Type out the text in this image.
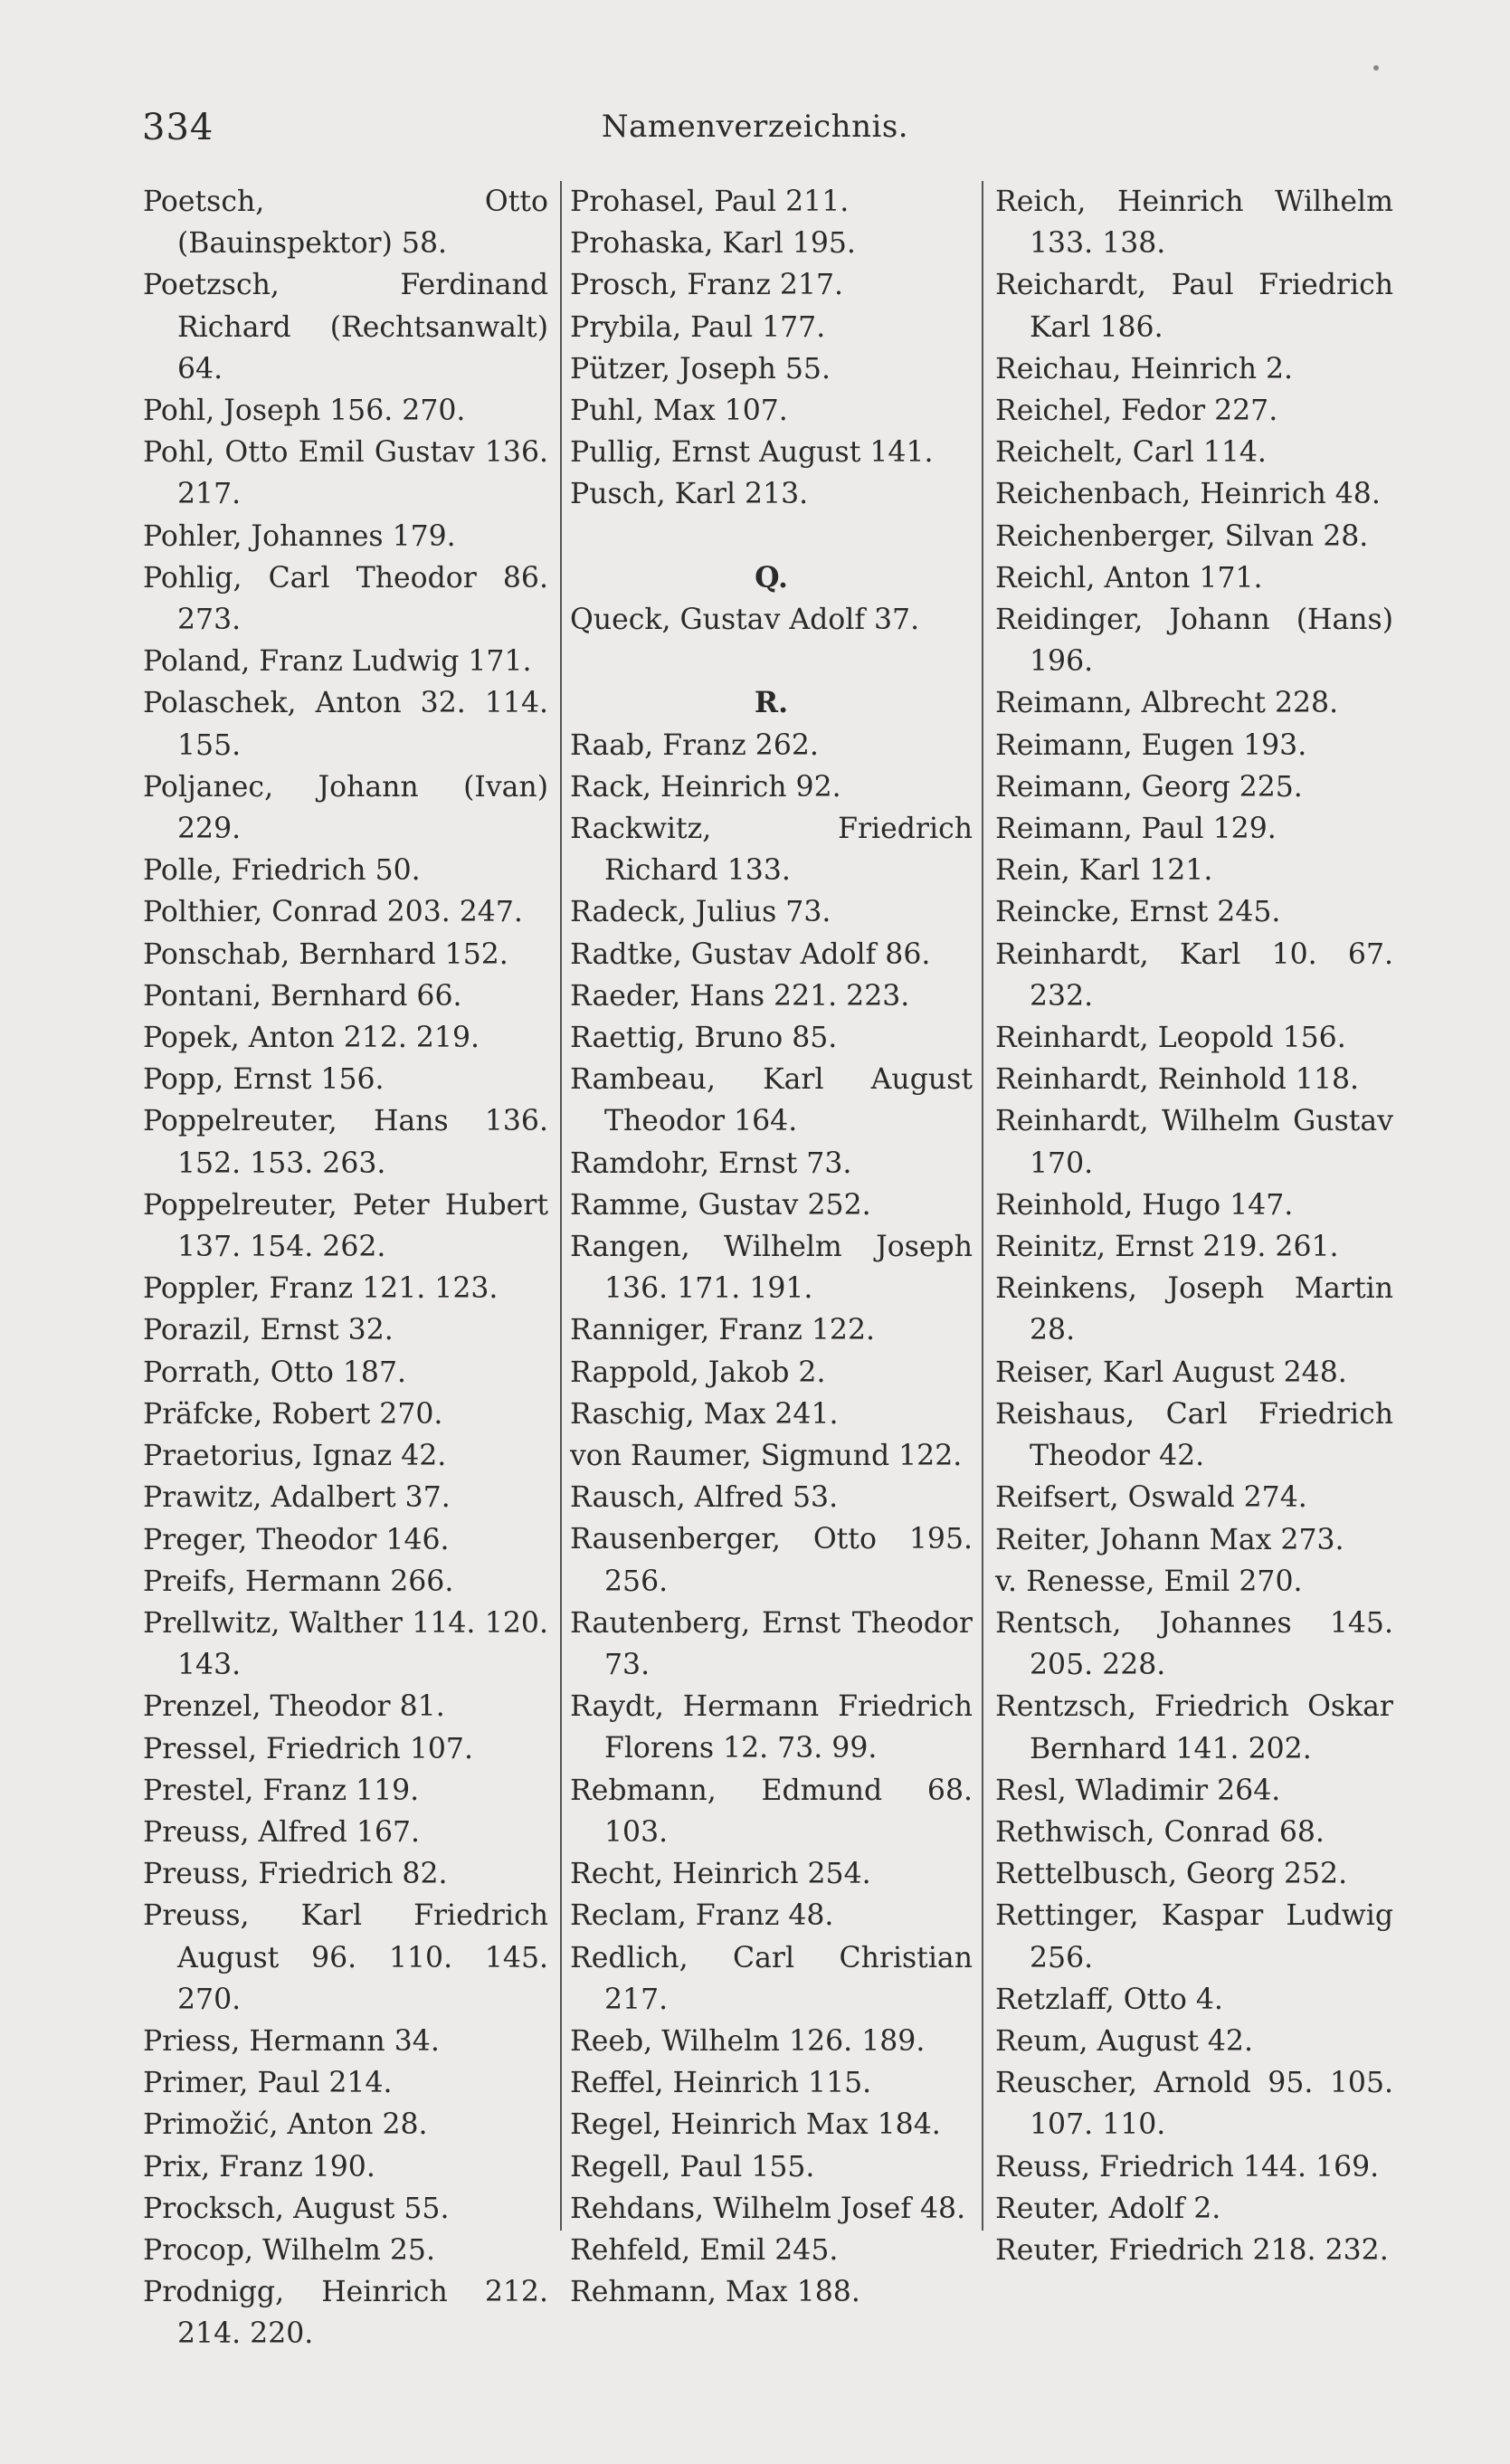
334	Namenverzeichnis.
Poetsch, Otto (Bauinspektor) 58.
Poetzsch, Ferdinand Richard (Rechtsanwalt) 64.
Pohl, Joseph 156. 270.
Pohl, Otto Emil Gustav 136. 217.
Pohler, Johannes 179.
Pohlig, Carl Theodor 86. 273.
Poland, Franz Ludwig 171.
Polaschek, Anton 32. 114. 155.
Poljanec, Johann (Ivan) 229.
Polle, Friedrich 50.
Polthier, Conrad 203. 247.
Ponschab, Bernhard 152.
Pontani, Bernhard 66.
Popek, Anton 212. 219.
Popp, Ernst 156.
Poppelreuter, Hans 136. 152. 153. 263.
Poppelreuter, Peter Hubert 137. 154. 262.
Poppler, Franz 121. 123.
Porazil, Ernst 32.
Porrath, Otto 187.
Präfcke, Robert 270.
Praetorius, Ignaz 42.
Prawitz, Adalbert 37.
Preger, Theodor 146.
Preifs, Hermann 266.
Prellwitz, Walther 114. 120. 143.
Prenzel, Theodor 81.
Pressel, Friedrich 107.
Prestel, Franz 119.
Preuss, Alfred 167.
Preuss, Friedrich 82.
Preuss, Karl Friedrich August 96. 110. 145. 270.
Priess, Hermann 34.
Primer, Paul 214.
Primožić, Anton 28.
Prix, Franz 190.
Procksch, August 55.
Procop, Wilhelm 25.
Prodnigg, Heinrich 212. 214. 220.
Prohasel, Paul 211.
Prohaska, Karl 195.
Prosch, Franz 217.
Prybila, Paul 177.
Pützer, Joseph 55.
Puhl, Max 107.
Pullig, Ernst August 141.
Pusch, Karl 213.
Q.
Queck, Gustav Adolf 37.
R.
Raab, Franz 262.
Rack, Heinrich 92.
Rackwitz, Friedrich Richard 133.
Radeck, Julius 73.
Radtke, Gustav Adolf 86.
Raeder, Hans 221. 223.
Raettig, Bruno 85.
Rambeau, Karl August Theodor 164.
Ramdohr, Ernst 73.
Ramme, Gustav 252.
Rangen, Wilhelm Joseph 136. 171. 191.
Ranniger, Franz 122.
Rappold, Jakob 2.
Raschig, Max 241.
von Raumer, Sigmund 122.
Rausch, Alfred 53.
Rausenberger, Otto 195. 256.
Rautenberg, Ernst Theodor 73.
Raydt, Hermann Friedrich Florens 12. 73. 99.
Rebmann, Edmund 68. 103.
Recht, Heinrich 254.
Reclam, Franz 48.
Redlich, Carl Christian 217.
Reeb, Wilhelm 126. 189.
Reffel, Heinrich 115.
Regel, Heinrich Max 184.
Regell, Paul 155.
Rehdans, Wilhelm Josef 48.
Rehfeld, Emil 245.
Rehmann, Max 188.
Reich, Heinrich Wilhelm 133. 138.
Reichardt, Paul Friedrich Karl 186.
Reichau, Heinrich 2.
Reichel, Fedor 227.
Reichelt, Carl 114.
Reichenbach, Heinrich 48.
Reichenberger, Silvan 28.
Reichl, Anton 171.
Reidinger, Johann (Hans) 196.
Reimann, Albrecht 228.
Reimann, Eugen 193.
Reimann, Georg 225.
Reimann, Paul 129.
Rein, Karl 121.
Reincke, Ernst 245.
Reinhardt, Karl 10. 67. 232.
Reinhardt, Leopold 156.
Reinhardt, Reinhold 118.
Reinhardt, Wilhelm Gustav 170.
Reinhold, Hugo 147.
Reinitz, Ernst 219. 261.
Reinkens, Joseph Martin 28.
Reiser, Karl August 248.
Reishaus, Carl Friedrich Theodor 42.
Reifsert, Oswald 274.
Reiter, Johann Max 273.
v. Renesse, Emil 270.
Rentsch, Johannes 145. 205. 228.
Rentzsch, Friedrich Oskar Bernhard 141. 202.
Resl, Wladimir 264.
Rethwisch, Conrad 68.
Rettelbusch, Georg 252.
Rettinger, Kaspar Ludwig 256.
Retzlaff, Otto 4.
Reum, August 42.
Reuscher, Arnold 95. 105. 107. 110.
Reuss, Friedrich 144. 169.
Reuter, Adolf 2.
Reuter, Friedrich 218. 232.
